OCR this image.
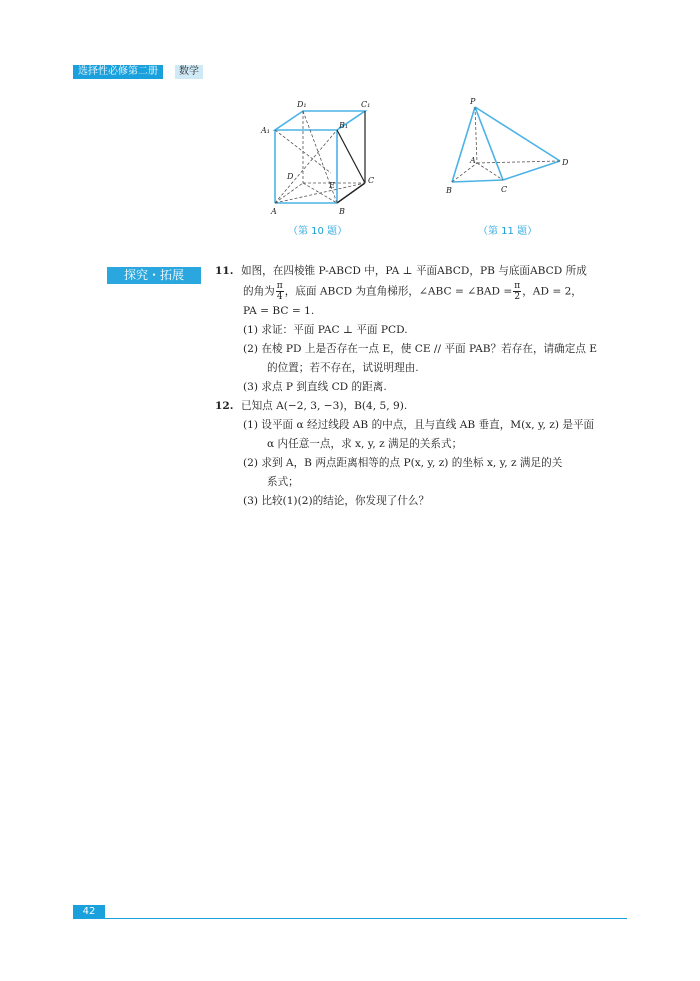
选择性必修第二册	数学
D₁	C₁
A₁
B₁
D	C
E
A	B
（第 10 题）
P
A	D
B	C
（第 11 题）
探究・拓展	11. 如图，在四棱锥 P-ABCD 中，PA ⊥ 平面ABCD，PB 与底面ABCD 所成
的角为 $\frac{\pi}{4}$ ，底面 ABCD 为直角梯形，∠ABC = ∠BAD = $\frac{\pi}{2}$ ，AD = 2，
PA = BC = 1.
(1) 求证：平面 PAC ⊥ 平面 PCD.
(2) 在棱 PD 上是否存在一点 E，使 CE // 平面 PAB？若存在，请确定点 E
的位置；若不存在，试说明理由.
(3) 求点 P 到直线 CD 的距离.
12. 已知点 A(−2, 3, −3)，B(4, 5, 9).
(1) 设平面 α 经过线段 AB 的中点，且与直线 AB 垂直，M(x, y, z) 是平面
α 内任意一点，求 x, y, z 满足的关系式；
(2) 求到 A，B 两点距离相等的点 P(x, y, z) 的坐标 x, y, z 满足的关
系式；
(3) 比较(1)(2)的结论，你发现了什么？
42
